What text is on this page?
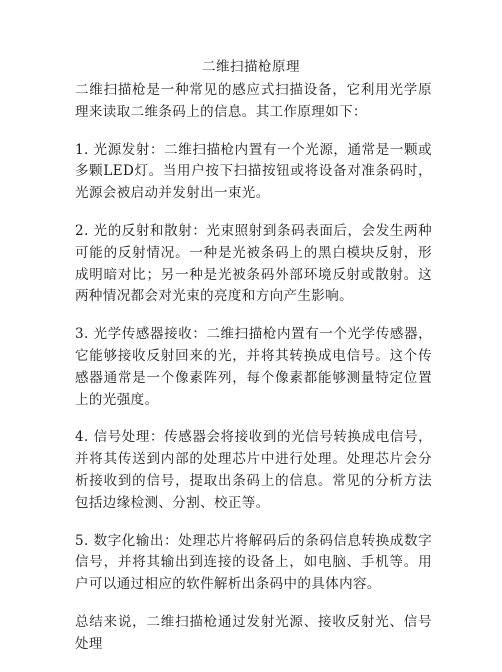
二维扫描枪原理

二维扫描枪是一种常见的感应式扫描设备，它利用光学原理来读取二维条码上的信息。其工作原理如下：

1. 光源发射：二维扫描枪内置有一个光源，通常是一颗或多颗LED灯。当用户按下扫描按钮或将设备对准条码时，光源会被启动并发射出一束光。

2. 光的反射和散射：光束照射到条码表面后，会发生两种可能的反射情况。一种是光被条码上的黑白模块反射，形成明暗对比；另一种是光被条码外部环境反射或散射。这两种情况都会对光束的亮度和方向产生影响。

3. 光学传感器接收：二维扫描枪内置有一个光学传感器，它能够接收反射回来的光，并将其转换成电信号。这个传感器通常是一个像素阵列，每个像素都能够测量特定位置上的光强度。

4. 信号处理：传感器会将接收到的光信号转换成电信号，并将其传送到内部的处理芯片中进行处理。处理芯片会分析接收到的信号，提取出条码上的信息。常见的分析方法包括边缘检测、分割、校正等。

5. 数字化输出：处理芯片将解码后的条码信息转换成数字信号，并将其输出到连接的设备上，如电脑、手机等。用户可以通过相应的软件解析出条码中的具体内容。

总结来说，二维扫描枪通过发射光源、接收反射光、信号处理
